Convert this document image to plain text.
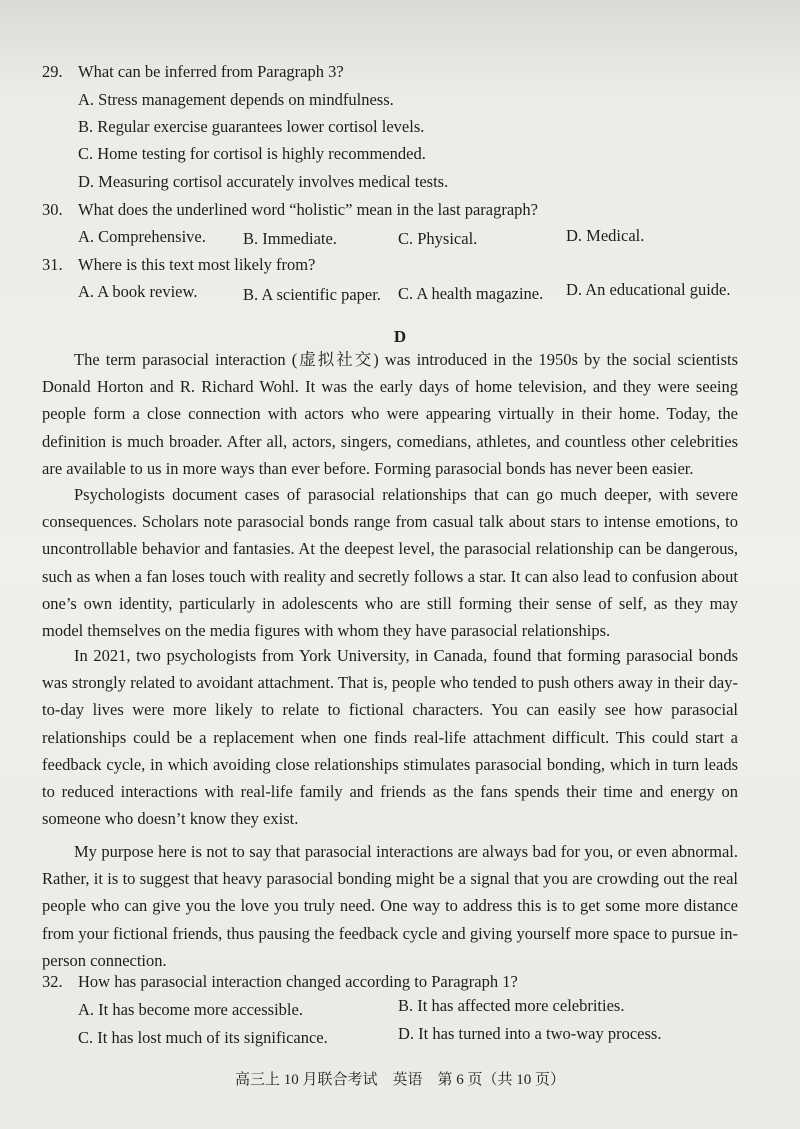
29. What can be inferred from Paragraph 3?
A. Stress management depends on mindfulness.
B. Regular exercise guarantees lower cortisol levels.
C. Home testing for cortisol is highly recommended.
D. Measuring cortisol accurately involves medical tests.
30. What does the underlined word “holistic” mean in the last paragraph?
A. Comprehensive. B. Immediate.	C. Physical.	D. Medical.
31. Where is this text most likely from?
A. A book review.	B. A scientific paper. C. A health magazine. D. An educational guide.
D

The term parasocial interaction (虚拟社交) was introduced in the 1950s by the social scientists Donald Horton and R. Richard Wohl. It was the early days of home television, and they were seeing people form a close connection with actors who were appearing virtually in their home. Today, the definition is much broader. After all, actors, singers, comedians, athletes, and countless other celebrities are available to us in more ways than ever before. Forming parasocial bonds has never been easier.

Psychologists document cases of parasocial relationships that can go much deeper, with severe consequences. Scholars note parasocial bonds range from casual talk about stars to intense emotions, to uncontrollable behavior and fantasies. At the deepest level, the parasocial relationship can be dangerous, such as when a fan loses touch with reality and secretly follows a star. It can also lead to confusion about one’s own identity, particularly in adolescents who are still forming their sense of self, as they may model themselves on the media figures with whom they have parasocial relationships.

In 2021, two psychologists from York University, in Canada, found that forming parasocial bonds was strongly related to avoidant attachment. That is, people who tended to push others away in their day-to-day lives were more likely to relate to fictional characters. You can easily see how parasocial relationships could be a replacement when one finds real-life attachment difficult. This could start a feedback cycle, in which avoiding close relationships stimulates parasocial bonding, which in turn leads to reduced interactions with real-life family and friends as the fans spends their time and energy on someone who doesn’t know they exist.

My purpose here is not to say that parasocial interactions are always bad for you, or even abnormal. Rather, it is to suggest that heavy parasocial bonding might be a signal that you are crowding out the real people who can give you the love you truly need. One way to address this is to get some more distance from your fictional friends, thus pausing the feedback cycle and giving yourself more space to pursue in-person connection.

32. How has parasocial interaction changed according to Paragraph 1?
A. It has become more accessible.	B. It has affected more celebrities.
C. It has lost much of its significance.	D. It has turned into a two-way process.
高三上 10 月联合考试　英语　第 6 页（共 10 页）
